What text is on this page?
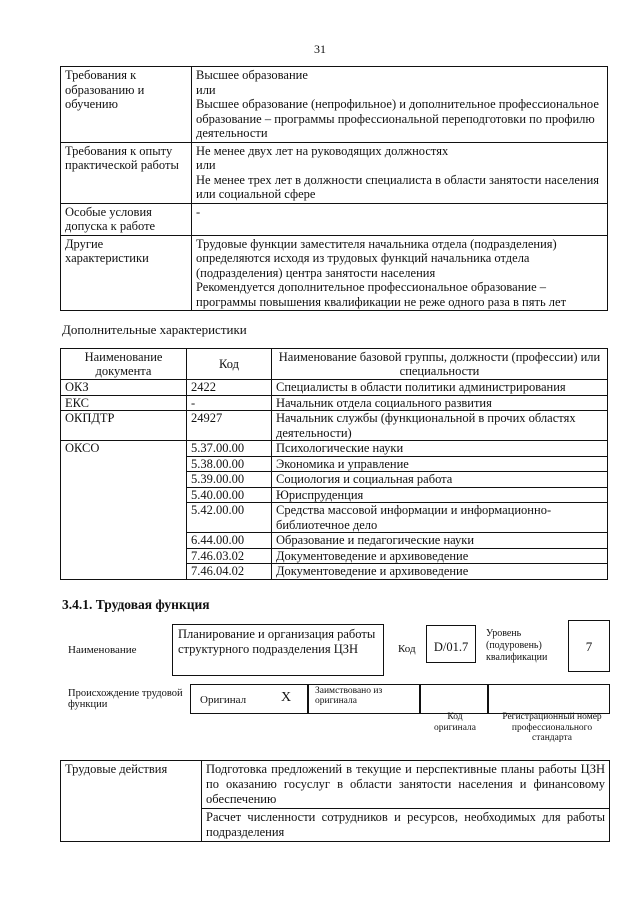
31
Требования к образованию и обучению	Высшее образование
или
Высшее образование (непрофильное) и дополнительное профессиональное образование – программы профессиональной переподготовки по профилю деятельности

Требования к опыту практической работы	Не менее двух лет на руководящих должностях
или
Не менее трех лет в должности специалиста в области занятости населения или социальной сфере

Особые условия допуска к работе	-

Другие характеристики	Трудовые функции заместителя начальника отдела (подразделения) определяются исходя из трудовых функций начальника отдела (подразделения) центра занятости населения
Рекомендуется дополнительное профессиональное образование – программы повышения квалификации не реже одного раза в пять лет
Дополнительные характеристики
Наименование документа	Код	Наименование базовой группы, должности (профессии) или специальности
ОКЗ	2422	Специалисты в области политики администрирования
ЕКС	-	Начальник отдела социального развития
ОКПДТР	24927	Начальник службы (функциональной в прочих областях деятельности)
ОКСО	5.37.00.00	Психологические науки
	5.38.00.00	Экономика и управление
	5.39.00.00	Социология и социальная работа
	5.40.00.00	Юриспруденция
	5.42.00.00	Средства массовой информации и информационно-библиотечное дело
	6.44.00.00	Образование и педагогические науки
	7.46.03.02	Документоведение и архивоведение
	7.46.04.02	Документоведение и архивоведение
3.4.1. Трудовая функция
Наименование
Планирование и организация работы структурного подразделения ЦЗН	Код	D/01.7
Уровень (подуровень) квалификации
7
Происхождение трудовой функции	Оригинал X	Заимствовано из оригинала
Код оригинала
Регистрационный номер профессионального стандарта
Трудовые действия	Подготовка предложений в текущие и перспективные планы работы ЦЗН по оказанию госуслуг в области занятости населения и финансовому обеспечению
Расчет численности сотрудников и ресурсов, необходимых для работы подразделения
